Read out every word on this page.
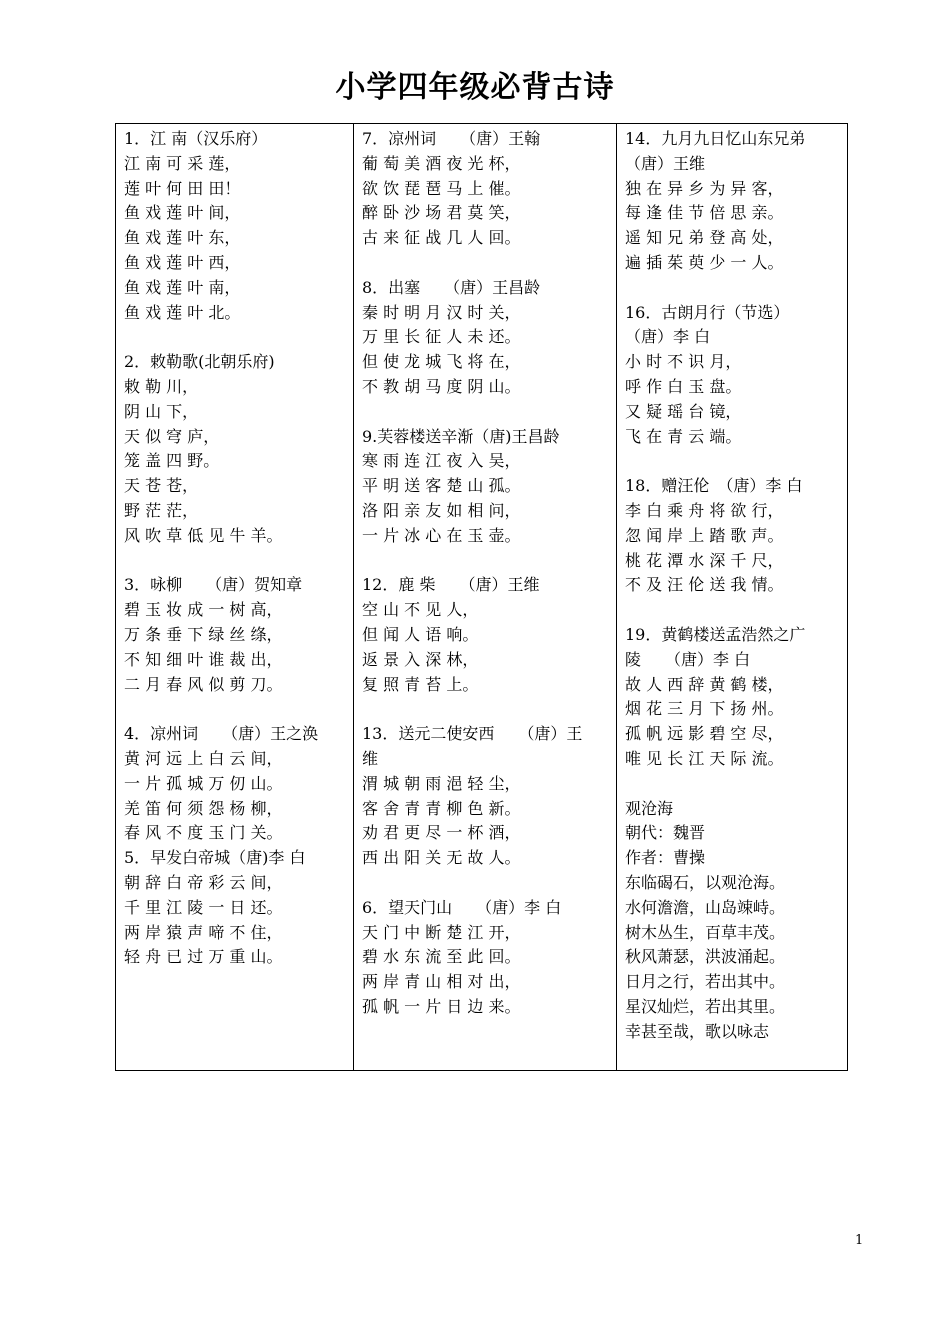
小学四年级必背古诗
1．江 南（汉乐府）
江 南 可 采 莲，
莲 叶 何 田 田！
鱼 戏 莲 叶 间，
鱼 戏 莲 叶 东，
鱼 戏 莲 叶 西，
鱼 戏 莲 叶 南，
鱼 戏 莲 叶 北。
2．敕勒歌(北朝乐府)
敕 勒 川，
阴 山 下，
天 似 穹 庐，
笼 盖 四 野。
天 苍 苍，
野 茫 茫，
风 吹 草 低 见 牛 羊。
3．咏柳　　（唐）贺知章
碧 玉 妆 成 一 树 高，
万 条 垂 下 绿 丝 绦，
不 知 细 叶 谁 裁 出，
二 月 春 风 似 剪 刀。
4．凉州词　　（唐）王之涣
黄 河 远 上 白 云 间，
一 片 孤 城 万 仞 山。
羌 笛 何 须 怨 杨 柳，
春 风 不 度 玉 门 关。
5．早发白帝城（唐)李 白
朝 辞 白 帝 彩 云 间，
千 里 江 陵 一 日 还。
两 岸 猿 声 啼 不 住，
轻 舟 已 过 万 重 山。
7．凉州词　　（唐）王翰
葡 萄 美 酒 夜 光 杯，
欲 饮 琵 琶 马 上 催。
醉 卧 沙 场 君 莫 笑，
古 来 征 战 几 人 回。
8．出塞　　（唐）王昌龄
秦 时 明 月 汉 时 关，
万 里 长 征 人 未 还。
但 使 龙 城 飞 将 在，
不 教 胡 马 度 阴 山。
9.芙蓉楼送辛渐（唐)王昌龄
寒 雨 连 江 夜 入 吴，
平 明 送 客 楚 山 孤。
洛 阳 亲 友 如 相 问，
一 片 冰 心 在 玉 壶。
12．鹿 柴　　（唐）王维
空 山 不 见 人，
但 闻 人 语 响。
返 景 入 深 林，
复 照 青 苔 上。
13．送元二使安西　　（唐）王
维
渭 城 朝 雨 浥 轻 尘，
客 舍 青 青 柳 色 新。
劝 君 更 尽 一 杯 酒，
西 出 阳 关 无 故 人。
6．望天门山　　（唐）李 白
天 门 中 断 楚 江 开，
碧 水 东 流 至 此 回。
两 岸 青 山 相 对 出，
孤 帆 一 片 日 边 来。
14．九月九日忆山东兄弟
（唐）王维
独 在 异 乡 为 异 客，
每 逢 佳 节 倍 思 亲。
遥 知 兄 弟 登 高 处，
遍 插 茱 萸 少 一 人。
16．古朗月行（节选）
（唐）李 白
小 时 不 识 月，
呼 作 白 玉 盘。
又 疑 瑶 台 镜，
飞 在 青 云 端。
18．赠汪伦　（唐）李 白
李 白 乘 舟 将 欲 行，
忽 闻 岸 上 踏 歌 声。
桃 花 潭 水 深 千 尺，
不 及 汪 伦 送 我 情。
19．黄鹤楼送孟浩然之广
陵　　（唐）李 白
故 人 西 辞 黄 鹤 楼，
烟 花 三 月 下 扬 州。
孤 帆 远 影 碧 空 尽，
唯 见 长 江 天 际 流。
观沧海
朝代：魏晋
作者：曹操
东临碣石，以观沧海。
水何澹澹，山岛竦峙。
树木丛生，百草丰茂。
秋风萧瑟，洪波涌起。
日月之行，若出其中。
星汉灿烂，若出其里。
幸甚至哉，歌以咏志
1
